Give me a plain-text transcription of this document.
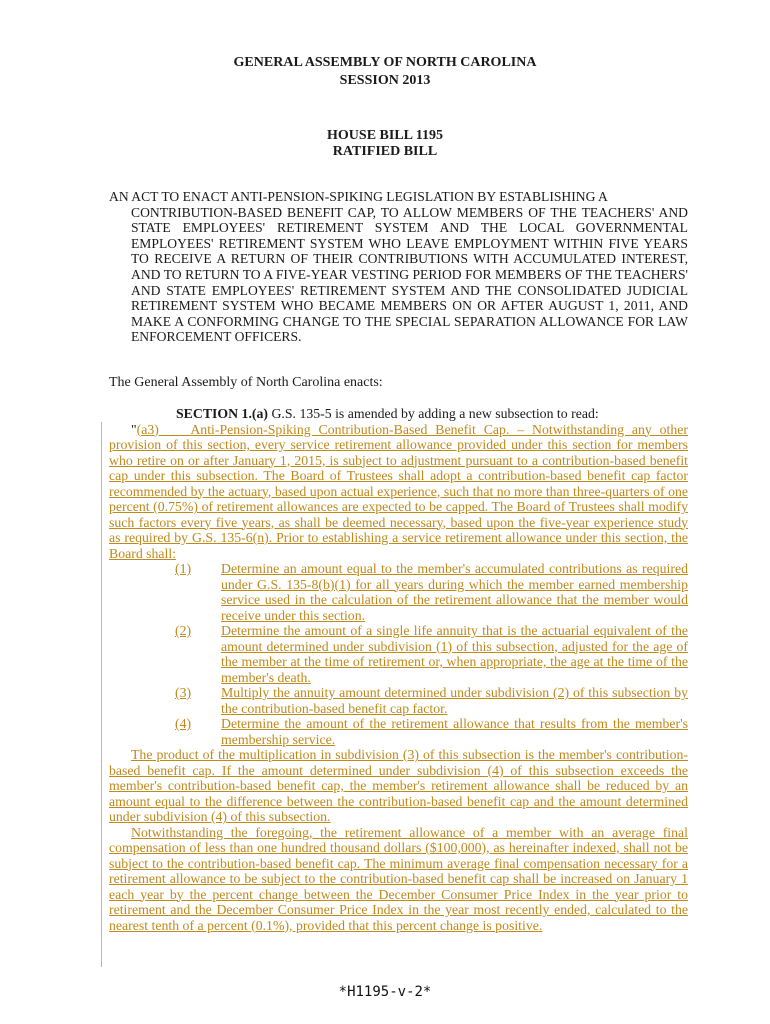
GENERAL ASSEMBLY OF NORTH CAROLINA
SESSION 2013
HOUSE BILL 1195
RATIFIED BILL
AN ACT TO ENACT ANTI-PENSION-SPIKING LEGISLATION BY ESTABLISHING A
CONTRIBUTION-BASED BENEFIT CAP, TO ALLOW MEMBERS OF THE TEACHERS' AND STATE EMPLOYEES' RETIREMENT SYSTEM AND THE LOCAL GOVERNMENTAL EMPLOYEES' RETIREMENT SYSTEM WHO LEAVE EMPLOYMENT WITHIN FIVE YEARS TO RECEIVE A RETURN OF THEIR CONTRIBUTIONS WITH ACCUMULATED INTEREST, AND TO RETURN TO A FIVE-YEAR VESTING PERIOD FOR MEMBERS OF THE TEACHERS' AND STATE EMPLOYEES' RETIREMENT SYSTEM AND THE CONSOLIDATED JUDICIAL RETIREMENT SYSTEM WHO BECAME MEMBERS ON OR AFTER AUGUST 1, 2011, AND MAKE A CONFORMING CHANGE TO THE SPECIAL SEPARATION ALLOWANCE FOR LAW ENFORCEMENT OFFICERS.
The General Assembly of North Carolina enacts:

SECTION 1.(a) G.S. 135-5 is amended by adding a new subsection to read:

"(a3) Anti-Pension-Spiking Contribution-Based Benefit Cap. – Notwithstanding any other provision of this section, every service retirement allowance provided under this section for members who retire on or after January 1, 2015, is subject to adjustment pursuant to a contribution-based benefit cap under this subsection. The Board of Trustees shall adopt a contribution-based benefit cap factor recommended by the actuary, based upon actual experience, such that no more than three-quarters of one percent (0.75%) of retirement allowances are expected to be capped. The Board of Trustees shall modify such factors every five years, as shall be deemed necessary, based upon the five-year experience study as required by G.S. 135-6(n). Prior to establishing a service retirement allowance under this section, the Board shall:

(1)	Determine an amount equal to the member's accumulated contributions as required under G.S. 135-8(b)(1) for all years during which the member earned membership service used in the calculation of the retirement allowance that the member would receive under this section.
(2)	Determine the amount of a single life annuity that is the actuarial equivalent of the amount determined under subdivision (1) of this subsection, adjusted for the age of the member at the time of retirement or, when appropriate, the age at the time of the member's death.
(3)	Multiply the annuity amount determined under subdivision (2) of this subsection by the contribution-based benefit cap factor.
(4)	Determine the amount of the retirement allowance that results from the member's membership service.

The product of the multiplication in subdivision (3) of this subsection is the member's contribution-based benefit cap. If the amount determined under subdivision (4) of this subsection exceeds the member's contribution-based benefit cap, the member's retirement allowance shall be reduced by an amount equal to the difference between the contribution-based benefit cap and the amount determined under subdivision (4) of this subsection.

Notwithstanding the foregoing, the retirement allowance of a member with an average final compensation of less than one hundred thousand dollars ($100,000), as hereinafter indexed, shall not be subject to the contribution-based benefit cap. The minimum average final compensation necessary for a retirement allowance to be subject to the contribution-based benefit cap shall be increased on January 1 each year by the percent change between the December Consumer Price Index in the year prior to retirement and the December Consumer Price Index in the year most recently ended, calculated to the nearest tenth of a percent (0.1%), provided that this percent change is positive.

*H1195-v-2*
